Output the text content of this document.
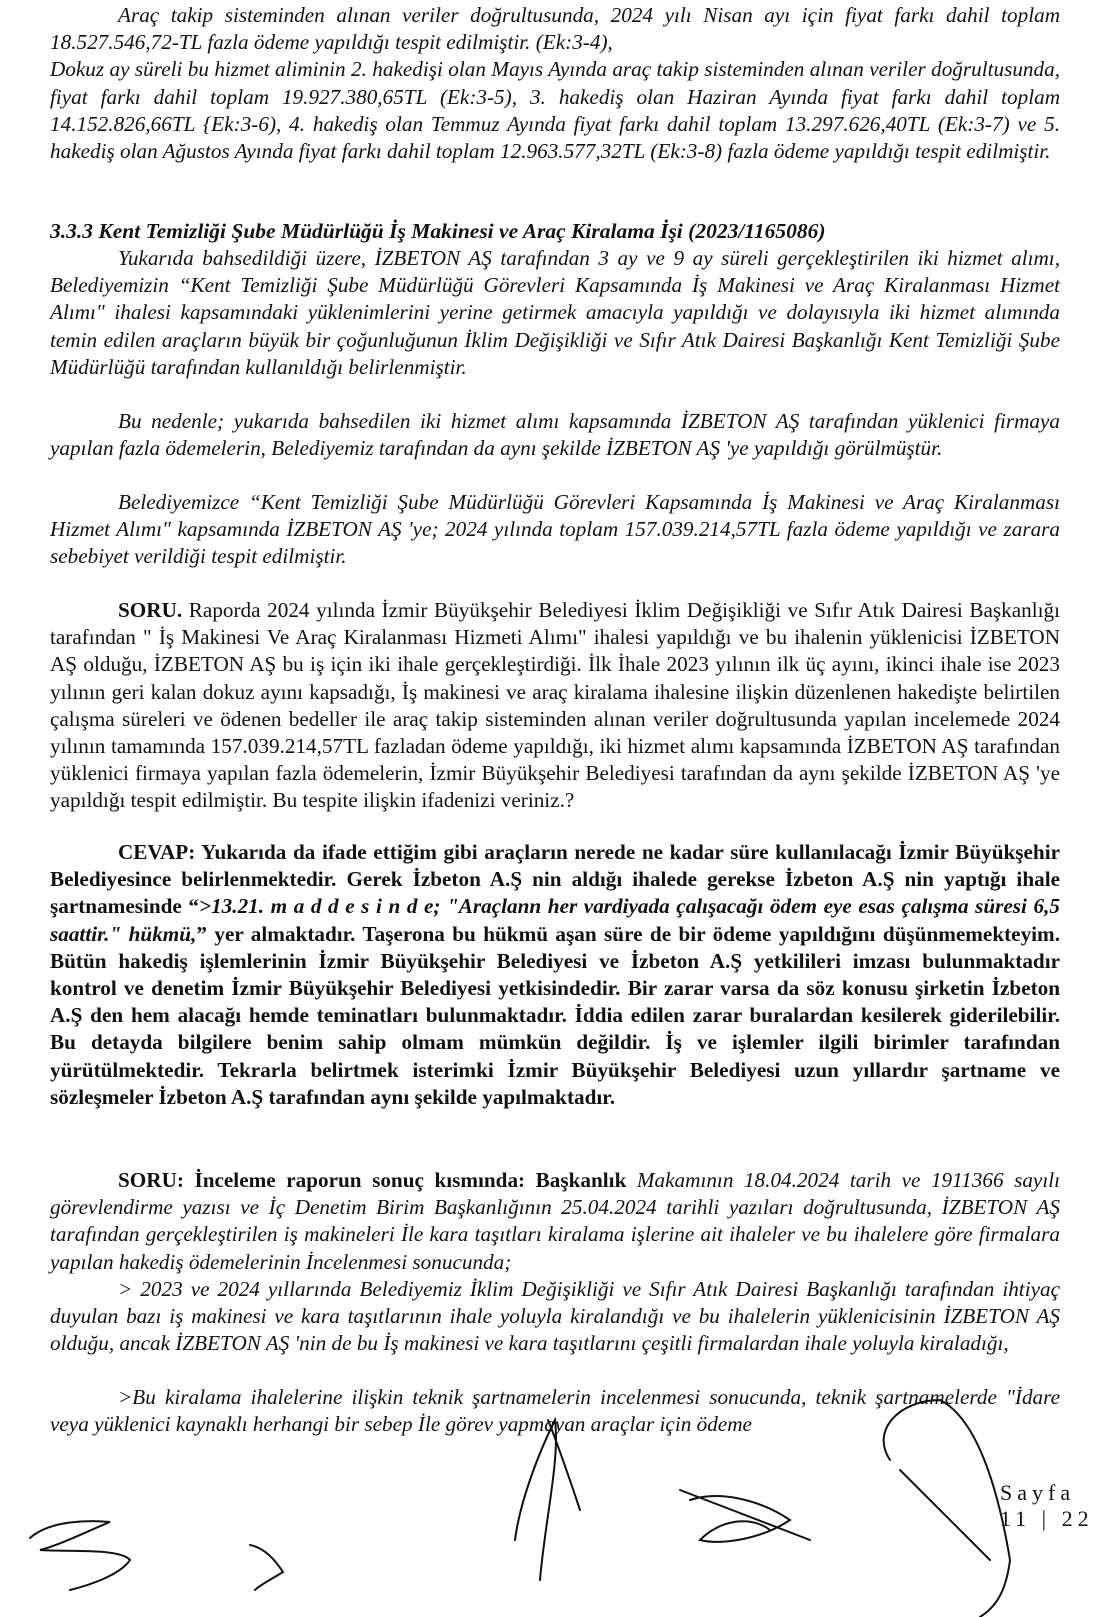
Araç takip sisteminden alınan veriler doğrultusunda, 2024 yılı Nisan ayı için fiyat farkı dahil toplam 18.527.546,72-TL fazla ödeme yapıldığı tespit edilmiştir. (Ek:3-4),
Dokuz ay süreli bu hizmet aliminin 2. hakedişi olan Mayıs Ayında araç takip sisteminden alınan veriler doğrultusunda, fiyat farkı dahil toplam 19.927.380,65TL (Ek:3-5), 3. hakediş olan Haziran Ayında fiyat farkı dahil toplam 14.152.826,66TL {Ek:3-6), 4. hakediş olan Temmuz Ayında fiyat farkı dahil toplam 13.297.626,40TL (Ek:3-7) ve 5. hakediş olan Ağustos Ayında fiyat farkı dahil toplam 12.963.577,32TL (Ek:3-8) fazla ödeme yapıldığı tespit edilmiştir.
3.3.3 Kent Temizliği Şube Müdürlüğü İş Makinesi ve Araç Kiralama İşi (2023/1165086)
Yukarıda bahsedildiği üzere, İZBETON AŞ tarafından 3 ay ve 9 ay süreli gerçekleştirilen iki hizmet alımı, Belediyemizin “Kent Temizliği Şube Müdürlüğü Görevleri Kapsamında İş Makinesi ve Araç Kiralanması Hizmet Alımı" ihalesi kapsamındaki yüklenimlerini yerine getirmek amacıyla yapıldığı ve dolayısıyla iki hizmet alımında temin edilen araçların büyük bir çoğunluğunun İklim Değişikliği ve Sıfır Atık Dairesi Başkanlığı Kent Temizliği Şube Müdürlüğü tarafından kullanıldığı belirlenmiştir.
Bu nedenle; yukarıda bahsedilen iki hizmet alımı kapsamında İZBETON AŞ tarafından yüklenici firmaya yapılan fazla ödemelerin, Belediyemiz tarafından da aynı şekilde İZBETON AŞ 'ye yapıldığı görülmüştür.
Belediyemizce “Kent Temizliği Şube Müdürlüğü Görevleri Kapsamında İş Makinesi ve Araç Kiralanması Hizmet Alımı" kapsamında İZBETON AŞ 'ye; 2024 yılında toplam 157.039.214,57TL fazla ödeme yapıldığı ve zarara sebebiyet verildiği tespit edilmiştir.
SORU. Raporda 2024 yılında İzmir Büyükşehir Belediyesi İklim Değişikliği ve Sıfır Atık Dairesi Başkanlığı tarafından " İş Makinesi Ve Araç Kiralanması Hizmeti Alımı" ihalesi yapıldığı ve bu ihalenin yüklenicisi İZBETON AŞ olduğu, İZBETON AŞ bu iş için iki ihale gerçekleştirdiği. İlk İhale 2023 yılının ilk üç ayını, ikinci ihale ise 2023 yılının geri kalan dokuz ayını kapsadığı, İş makinesi ve araç kiralama ihalesine ilişkin düzenlenen hakedişte belirtilen çalışma süreleri ve ödenen bedeller ile araç takip sisteminden alınan veriler doğrultusunda yapılan incelemede 2024 yılının tamamında 157.039.214,57TL fazladan ödeme yapıldığı, iki hizmet alımı kapsamında İZBETON AŞ tarafından yüklenici firmaya yapılan fazla ödemelerin, İzmir Büyükşehir Belediyesi tarafından da aynı şekilde İZBETON AŞ 'ye yapıldığı tespit edilmiştir. Bu tespite ilişkin ifadenizi veriniz.?
CEVAP: Yukarıda da ifade ettiğim gibi araçların nerede ne kadar süre kullanılacağı İzmir Büyükşehir Belediyesince belirlenmektedir. Gerek İzbeton A.Ş nin aldığı ihalede gerekse İzbeton A.Ş nin yaptığı ihale şartnamesinde “>13.21. m a d d e s i n d e; "Araçlann her vardiyada çalışacağı ödem eye esas çalışma süresi 6,5 saattir." hükmü,” yer almaktadır. Taşerona bu hükmü aşan süre de bir ödeme yapıldığını düşünmemekteyim. Bütün hakediş işlemlerinin İzmir Büyükşehir Belediyesi ve İzbeton A.Ş yetkilileri imzası bulunmaktadır kontrol ve denetim İzmir Büyükşehir Belediyesi yetkisindedir. Bir zarar varsa da söz konusu şirketin İzbeton A.Ş den hem alacağı hemde teminatları bulunmaktadır. İddia edilen zarar buralardan kesilerek giderilebilir. Bu detayda bilgilere benim sahip olmam mümkün değildir. İş ve işlemler ilgili birimler tarafından yürütülmektedir. Tekrarla belirtmek isterimki İzmir Büyükşehir Belediyesi uzun yıllardır şartname ve sözleşmeler İzbeton A.Ş tarafından aynı şekilde yapılmaktadır.
SORU: İnceleme raporun sonuç kısmında: Başkanlık Makamının 18.04.2024 tarih ve 1911366 sayılı görevlendirme yazısı ve İç Denetim Birim Başkanlığının 25.04.2024 tarihli yazıları doğrultusunda, İZBETON AŞ tarafından gerçekleştirilen iş makineleri İle kara taşıtları kiralama işlerine ait ihaleler ve bu ihalelere göre firmalara yapılan hakediş ödemelerinin İncelenmesi sonucunda;
> 2023 ve 2024 yıllarında Belediyemiz İklim Değişikliği ve Sıfır Atık Dairesi Başkanlığı tarafından ihtiyaç duyulan bazı iş makinesi ve kara taşıtlarının ihale yoluyla kiralandığı ve bu ihalelerin yüklenicisinin İZBETON AŞ olduğu, ancak İZBETON AŞ 'nin de bu İş makinesi ve kara taşıtlarını çeşitli firmalardan ihale yoluyla kiraladığı,
>Bu kiralama ihalelerine ilişkin teknik şartnamelerin incelenmesi sonucunda, teknik şartnamelerde "İdare veya yüklenici kaynaklı herhangi bir sebep İle görev yapmayan araçlar için ödeme
Sayfa 11 | 22
